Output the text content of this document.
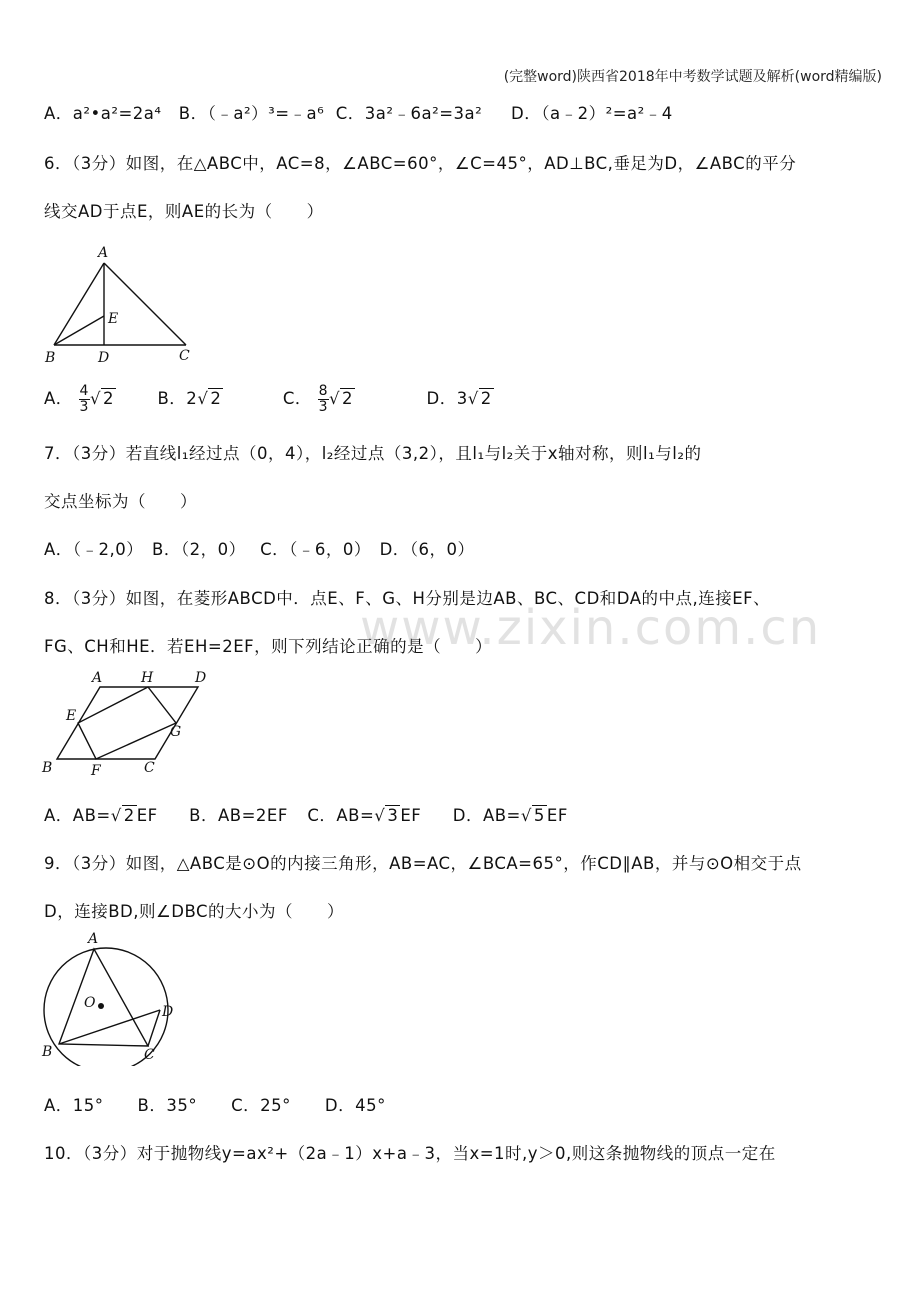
(完整word)陕西省2018年中考数学试题及解析(word精编版)
A．a²•a²=2a⁴ B．（﹣a²）³=﹣a⁶ C．3a²﹣6a²=3a² D．（a﹣2）²=a²﹣4
6．（3分）如图，在△ABC中，AC=8，∠ABC=60°，∠C=45°，AD⊥BC,垂足为D，∠ABC的平分
线交AD于点E，则AE的长为（　　）
A
B	D	C
E
A． $\frac{4}{3}$ √ 2	B．2√ 2	C． $\frac{8}{3}$ √ 2	D．3√ 2
7．（3分）若直线l₁经过点（0，4），l₂经过点（3,2），且l₁与l₂关于x轴对称，则l₁与l₂的
交点坐标为（　　）
A．（﹣2,0）　B．（2，0）　 C．（﹣6，0）　D．（6，0）
8．（3分）如图，在菱形ABCD中．点E、F、G、H分别是边AB、BC、CD和DA的中点,连接EF、
FG、CH和HE．若EH=2EF，则下列结论正确的是（　　）
A	H	D
E
G
B	F	C
A．AB=√ 2 EF B．AB=2EF C．AB=√ 3 EF D．AB=√ 5 EF
9．（3分）如图，△ABC是⊙O的内接三角形，AB=AC，∠BCA=65°，作CD∥AB，并与⊙O相交于点
D，连接BD,则∠DBC的大小为（　　）
A
O
D
B	C
A．15°　　B．35°　　C．25°　　D．45°
10．（3分）对于抛物线y=ax²+（2a﹣1）x+a﹣3，当x=1时,y＞0,则这条抛物线的顶点一定在
www.zixin.com.cn
